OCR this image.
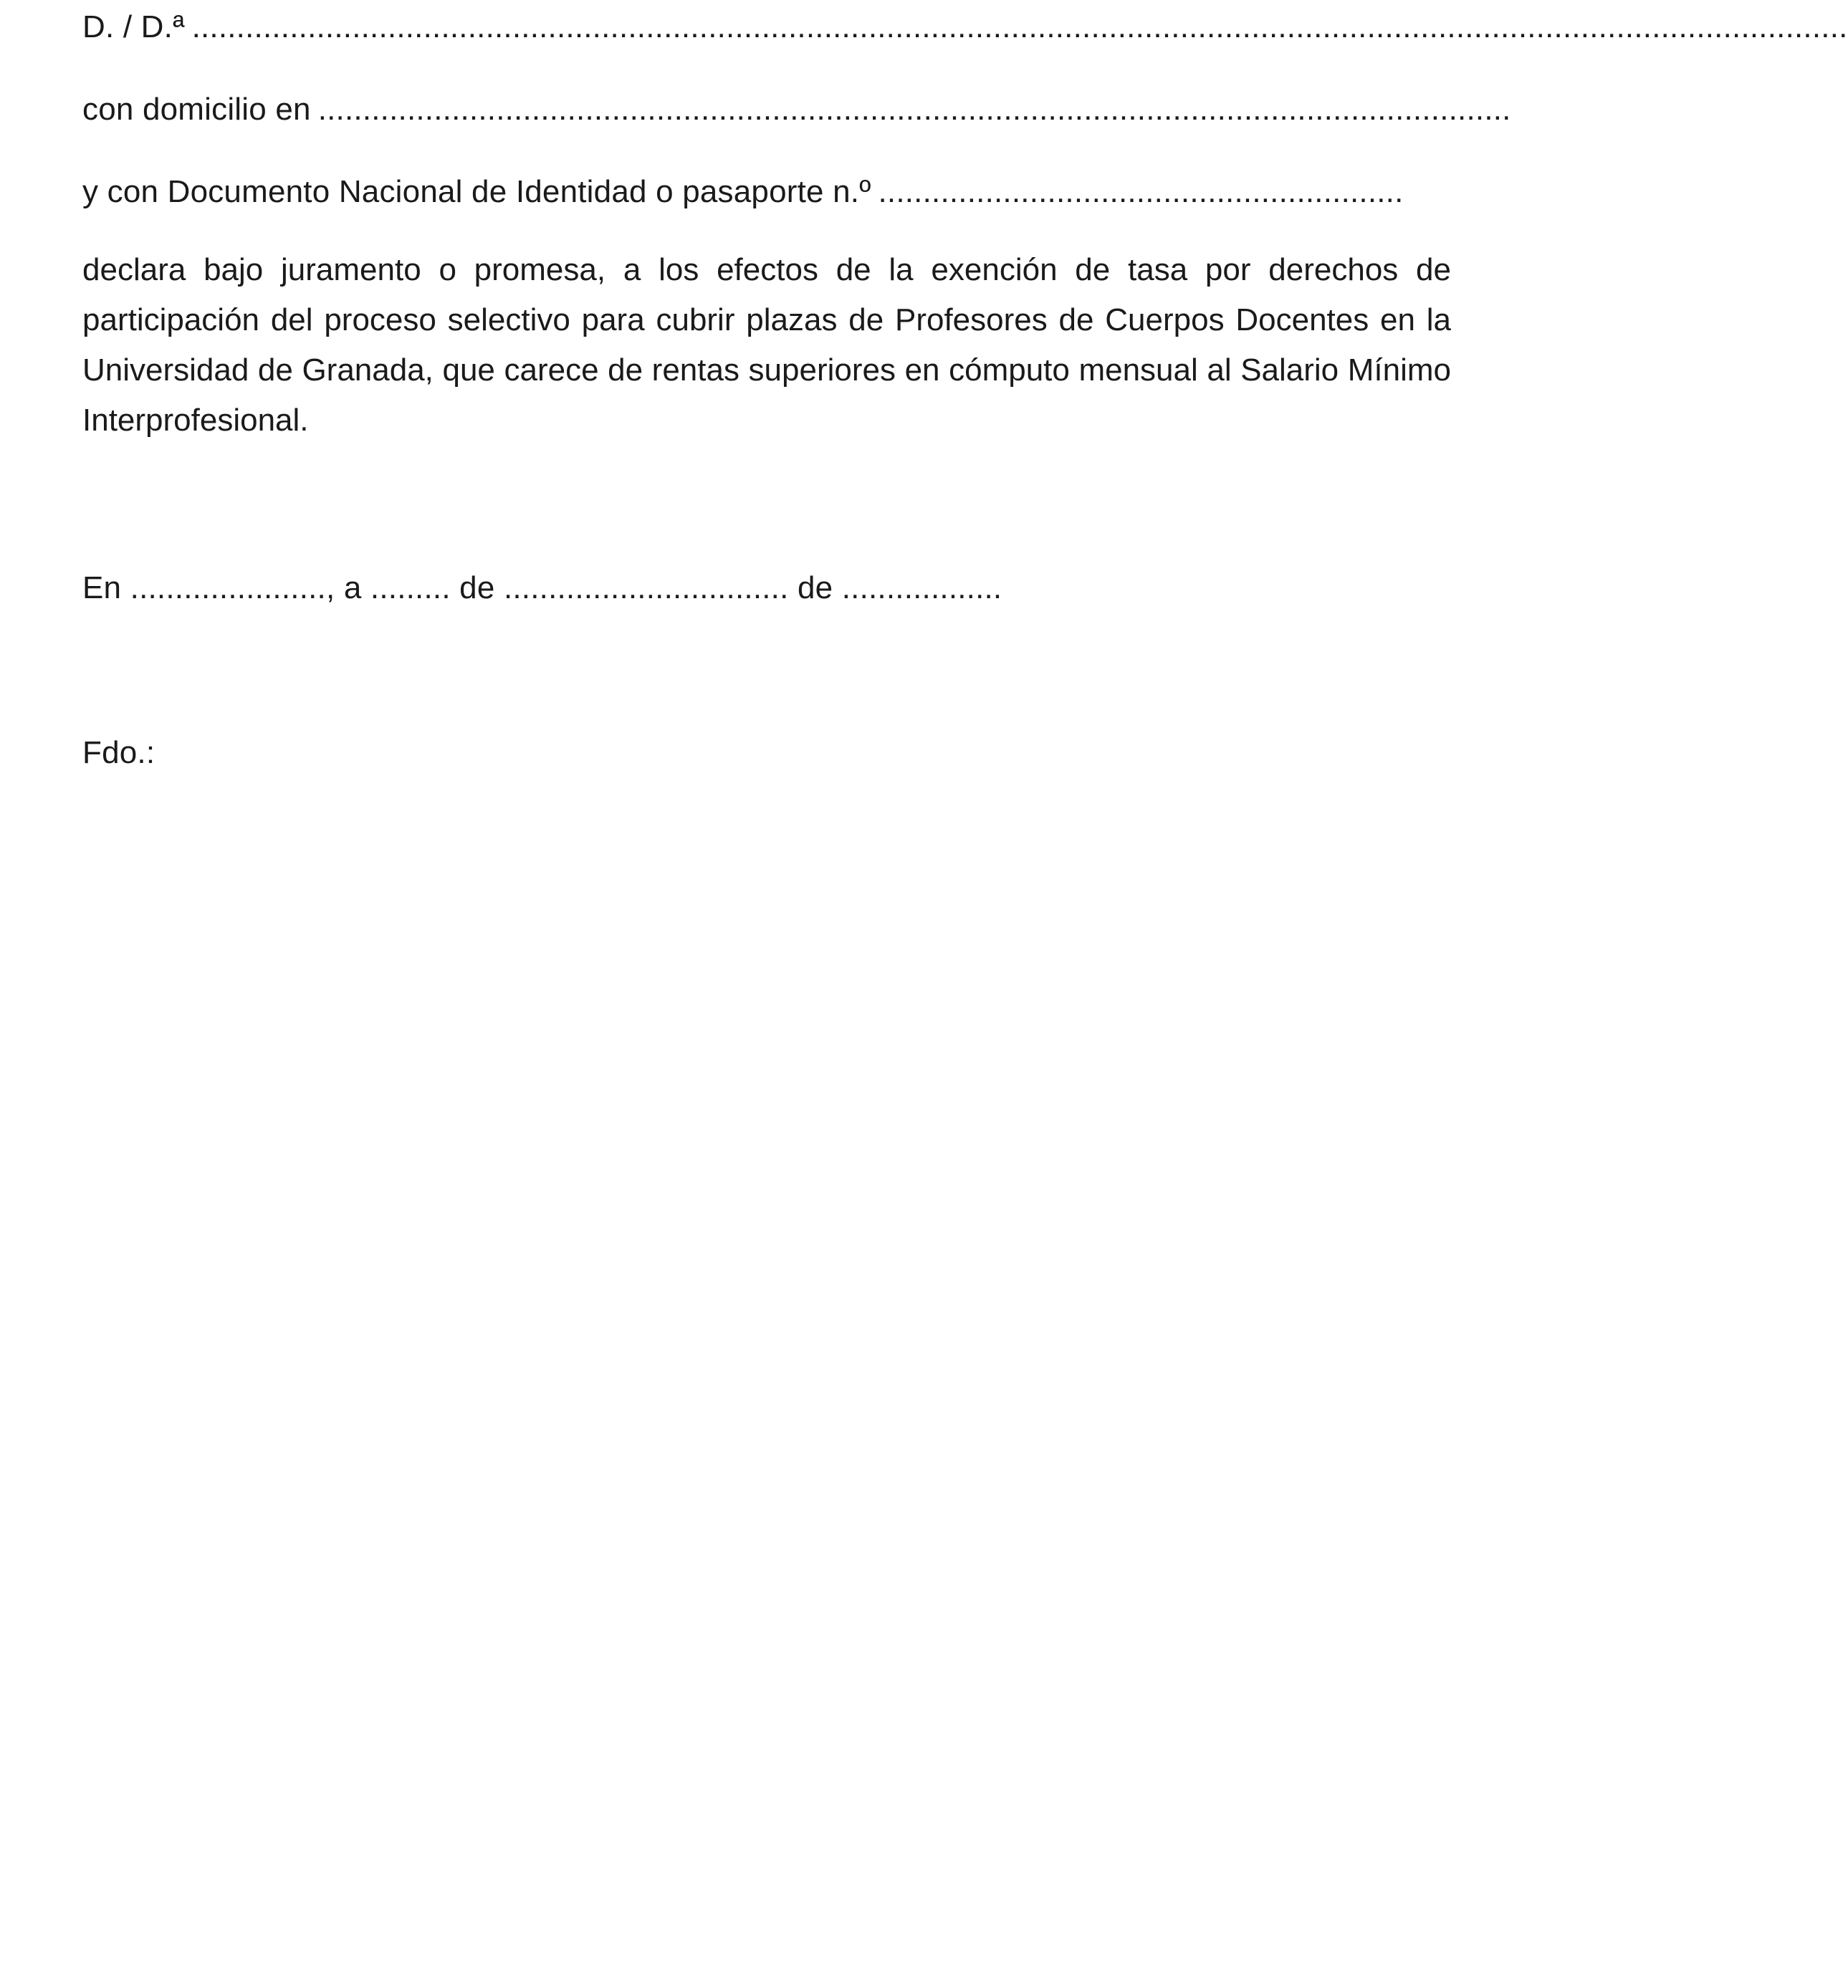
D. / D.ª ..........................................................................................................................................................................................
con domicilio en ......................................................................................................................................
y con Documento Nacional de Identidad o pasaporte n.º ...........................................................
declara bajo juramento o promesa, a los efectos de la exención de tasa por derechos de participación del proceso selectivo para cubrir plazas de Profesores de Cuerpos Docentes en la Universidad de Granada, que carece de rentas superiores en cómputo mensual al Salario Mínimo Interprofesional.
En ......................, a ......... de ................................ de ..................
Fdo.:
